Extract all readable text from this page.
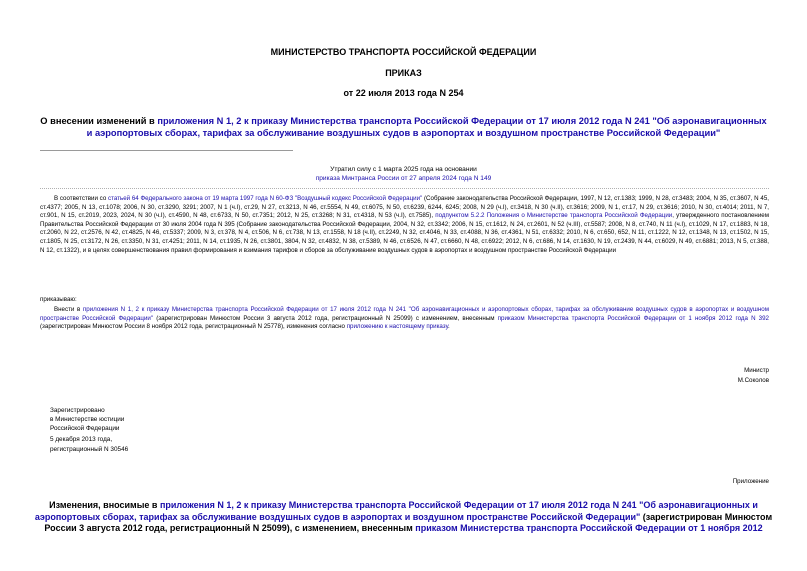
МИНИСТЕРСТВО ТРАНСПОРТА РОССИЙСКОЙ ФЕДЕРАЦИИ
ПРИКАЗ
от 22 июля 2013 года N 254
О внесении изменений в приложения N 1, 2 к приказу Министерства транспорта Российской Федерации от 17 июля 2012 года N 241 "Об аэронавигационных и аэропортовых сборах, тарифах за обслуживание воздушных судов в аэропортах и воздушном пространстве Российской Федерации"
Утратил силу с 1 марта 2025 года на основании
приказа Минтранса России от 27 апреля 2024 года N 149
В соответствии со статьей 64 Федерального закона от 19 марта 1997 года N 60-ФЗ "Воздушный кодекс Российской Федерации" (Собрание законодательства Российской Федерации, 1997, N 12, ст.1383; 1999, N 28, ст.3483; 2004, N 35, ст.3607, N 45, ст.4377; 2005, N 13, ст.1078; 2006, N 30, ст.3290, 3291; 2007, N 1 (ч.I), ст.29, N 27, ст.3213, N 46, ст.5554, N 49, ст.6075, N 50, ст.6239, 6244, 6245; 2008, N 29 (ч.I), ст.3418, N 30 (ч.II), ст.3616; 2009, N 1, ст.17, N 29, ст.3616; 2010, N 30, ст.4014; 2011, N 7, ст.901, N 15, ст.2019, 2023, 2024, N 30 (ч.I), ст.4590, N 48, ст.6733, N 50, ст.7351; 2012, N 25, ст.3268; N 31, ст.4318, N 53 (ч.I), ст.7585), подпунктом 5.2.2 Положения о Министерстве транспорта Российской Федерации, утвержденного постановлением Правительства Российской Федерации от 30 июля 2004 года N 395 (Собрание законодательства Российской Федерации, 2004, N 32, ст.3342; 2006, N 15, ст.1612, N 24, ст.2601, N 52 (ч.III), ст.5587; 2008, N 8, ст.740, N 11 (ч.I), ст.1029, N 17, ст.1883, N 18, ст.2060, N 22, ст.2576, N 42, ст.4825, N 46, ст.5337; 2009, N 3, ст.378, N 4, ст.506, N 6, ст.738, N 13, ст.1558, N 18 (ч.II), ст.2249, N 32, ст.4046, N 33, ст.4088, N 36, ст.4361, N 51, ст.6332; 2010, N 6, ст.650, 652, N 11, ст.1222, N 12, ст.1348, N 13, ст.1502, N 15, ст.1805, N 25, ст.3172, N 26, ст.3350, N 31, ст.4251; 2011, N 14, ст.1935, N 26, ст.3801, 3804, N 32, ст.4832, N 38, ст.5389, N 46, ст.6526, N 47, ст.6660, N 48, ст.6922; 2012, N 6, ст.686, N 14, ст.1630, N 19, ст.2439, N 44, ст.6029, N 49, ст.6881; 2013, N 5, ст.388, N 12, ст.1322), и в целях совершенствования правил формирования и взимания тарифов и сборов за обслуживание воздушных судов в аэропортах и воздушном пространстве Российской Федерации
приказываю:
Внести в приложения N 1, 2 к приказу Министерства транспорта Российской Федерации от 17 июля 2012 года N 241 "Об аэронавигационных и аэропортовых сборах, тарифах за обслуживание воздушных судов в аэропортах и воздушном пространстве Российской Федерации" (зарегистрирован Минюстом России 3 августа 2012 года, регистрационный N 25099) с изменением, внесенным приказом Министерства транспорта Российской Федерации от 1 ноября 2012 года N 392 (зарегистрирован Минюстом России 8 ноября 2012 года, регистрационный N 25778), изменения согласно приложению к настоящему приказу.
Министр
М.Соколов
Зарегистрировано
в Министерстве юстиции
Российской Федерации
5 декабря 2013 года,
регистрационный N 30546
Приложение
Изменения, вносимые в приложения N 1, 2 к приказу Министерства транспорта Российской Федерации от 17 июля 2012 года N 241 "Об аэронавигационных и аэропортовых сборах, тарифах за обслуживание воздушных судов в аэропортах и воздушном пространстве Российской Федерации" (зарегистрирован Минюстом России 3 августа 2012 года, регистрационный N 25099), с изменением, внесенным приказом Министерства транспорта Российской Федерации от 1 ноября 2012
